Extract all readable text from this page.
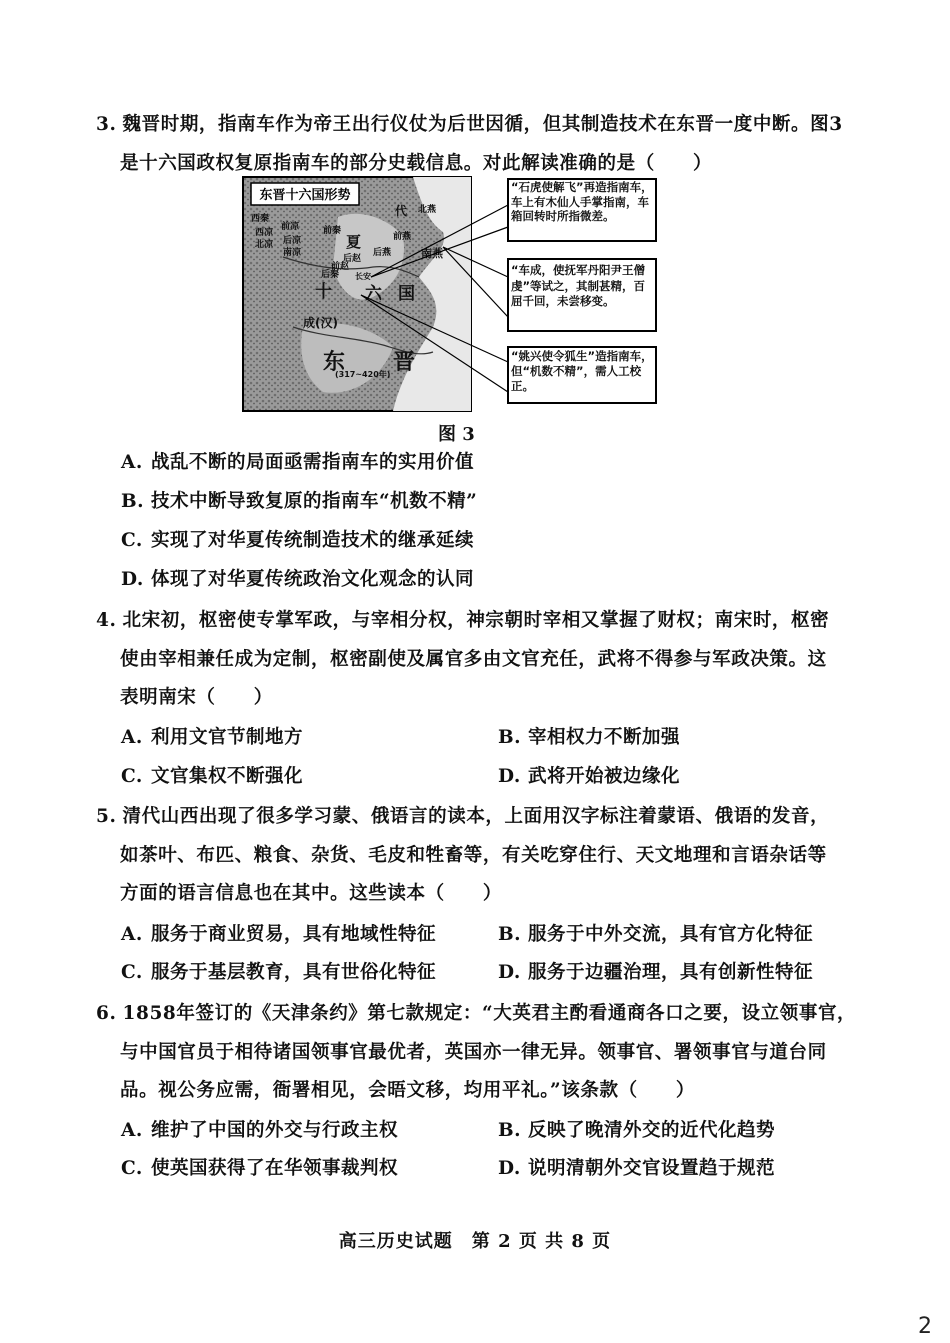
3. 魏晋时期，指南车作为帝王出行仪仗为后世因循，但其制造技术在东晋一度中断。图3
是十六国政权复原指南车的部分史载信息。对此解读准确的是（　　）
东晋十六国形势
代 北燕
夏	前燕
后燕
西秦
前秦
后秦
后赵
前凉
西凉
北凉
南凉
后凉
南燕
前赵
十 六 国
东 晋
成(汉)
长安
(317~420年)
“石虎使解飞”再造指南车，车上有木仙人手掌指南，车箱回转时所指微差。
“车成，使抚军丹阳尹王僧虔”等试之，其制甚精，百屈千回，未尝移变。
“姚兴使令狐生”造指南车，但“机数不精”，需人工校正。
图 3
A. 战乱不断的局面亟需指南车的实用价值
B. 技术中断导致复原的指南车“机数不精”
C. 实现了对华夏传统制造技术的继承延续
D. 体现了对华夏传统政治文化观念的认同
4. 北宋初，枢密使专掌军政，与宰相分权，神宗朝时宰相又掌握了财权；南宋时，枢密
使由宰相兼任成为定制，枢密副使及属官多由文官充任，武将不得参与军政决策。这
表明南宋（　　）
A. 利用文官节制地方	B. 宰相权力不断加强
C. 文官集权不断强化	D. 武将开始被边缘化
5. 清代山西出现了很多学习蒙、俄语言的读本，上面用汉字标注着蒙语、俄语的发音，
如茶叶、布匹、粮食、杂货、毛皮和牲畜等，有关吃穿住行、天文地理和言语杂话等
方面的语言信息也在其中。这些读本（　　）
A. 服务于商业贸易，具有地域性特征	B. 服务于中外交流，具有官方化特征
C. 服务于基层教育，具有世俗化特征	D. 服务于边疆治理，具有创新性特征
6. 1858年签订的《天津条约》第七款规定：“大英君主酌看通商各口之要，设立领事官，
与中国官员于相待诸国领事官最优者，英国亦一律无异。领事官、署领事官与道台同
品。视公务应需，衙署相见，会晤文移，均用平礼。”该条款（　　）
A. 维护了中国的外交与行政主权	B. 反映了晚清外交的近代化趋势
C. 使英国获得了在华领事裁判权	D. 说明清朝外交官设置趋于规范
高三历史试题　第 2 页 共 8 页
2
